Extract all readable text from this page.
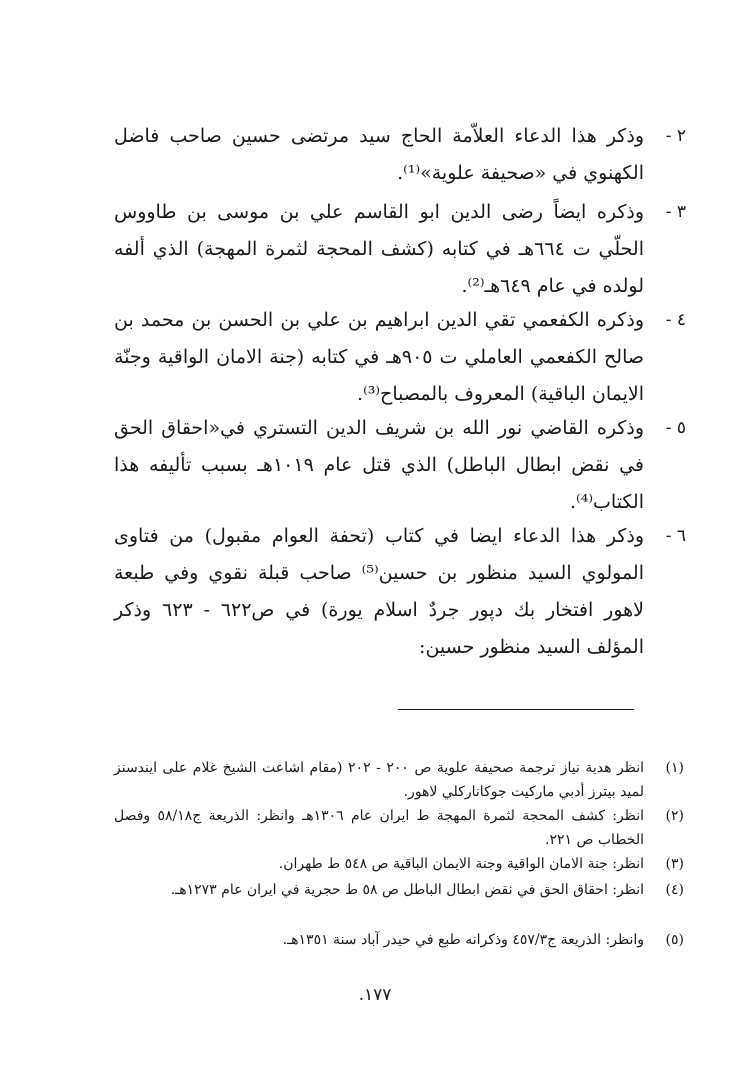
٢ -
وذكر هذا الدعاء العلاّمة الحاج سيد مرتضى حسين صاحب فاضل الكهنوي في «صحيفة علوية»⁽¹⁾.
٣ -
وذكره ايضاً رضى الدين ابو القاسم علي بن موسى بن طاووس الحلّي ت ٦٦٤هـ في كتابه (كشف المحجة لثمرة المهجة) الذي ألفه لولده في عام ٦٤٩هـ⁽²⁾.
٤ -
وذكره الكفعمي تقي الدين ابراهيم بن علي بن الحسن بن محمد بن صالح الكفعمي العاملي ت ٩٠٥هـ في كتابه (جنة الامان الواقية وجنّة الايمان الباقية) المعروف بالمصباح⁽³⁾.
٥ -
وذكره القاضي نور الله بن شريف الدين التستري في«احقاق الحق في نقض ابطال الباطل) الذي قتل عام ١٠١٩هـ بسبب تأليفه هذا الكتاب⁽⁴⁾.
٦ -
وذكر هذا الدعاء ايضا في كتاب (تحفة العوام مقبول) من فتاوى المولوي السيد منظور بن حسين⁽⁵⁾ صاحب قبلة نقوي وفي طبعة لاهور افتخار بك دپور جردٌ اسلام يورة) في ص٦٢٢ - ٦٢٣ وذكر المؤلف السيد منظور حسين:
(١)
انظر هدية نياز ترجمة صحيفة علوية ص ٢٠٠ - ٢٠٢ (مقام اشاعت الشيخ غلام على ايندسنز لميد بيترز أدبي ماركيت جوكاناركلي لاهور.
(٢)
انظر: كشف المحجة لثمرة المهجة ط ايران عام ١٣٠٦هـ وانظر: الذريعة ج٥٨/١٨ وفصل الخطاب ص ٢٢١.
(٣)
انظر: جنة الامان الواقية وجنة الايمان الباقية ص ٥٤٨ ط طهران.
(٤)
انظر: احقاق الحق في نقض ابطال الباطل ص ٥٨ ط حجرية في ايران عام ١٢٧٣هـ.
(٥)
وانظر: الذريعة ج٤٥٧/٣ وذكرانه طبع في حيدر آباد سنة ١٣٥١هـ.
١٧٧.
